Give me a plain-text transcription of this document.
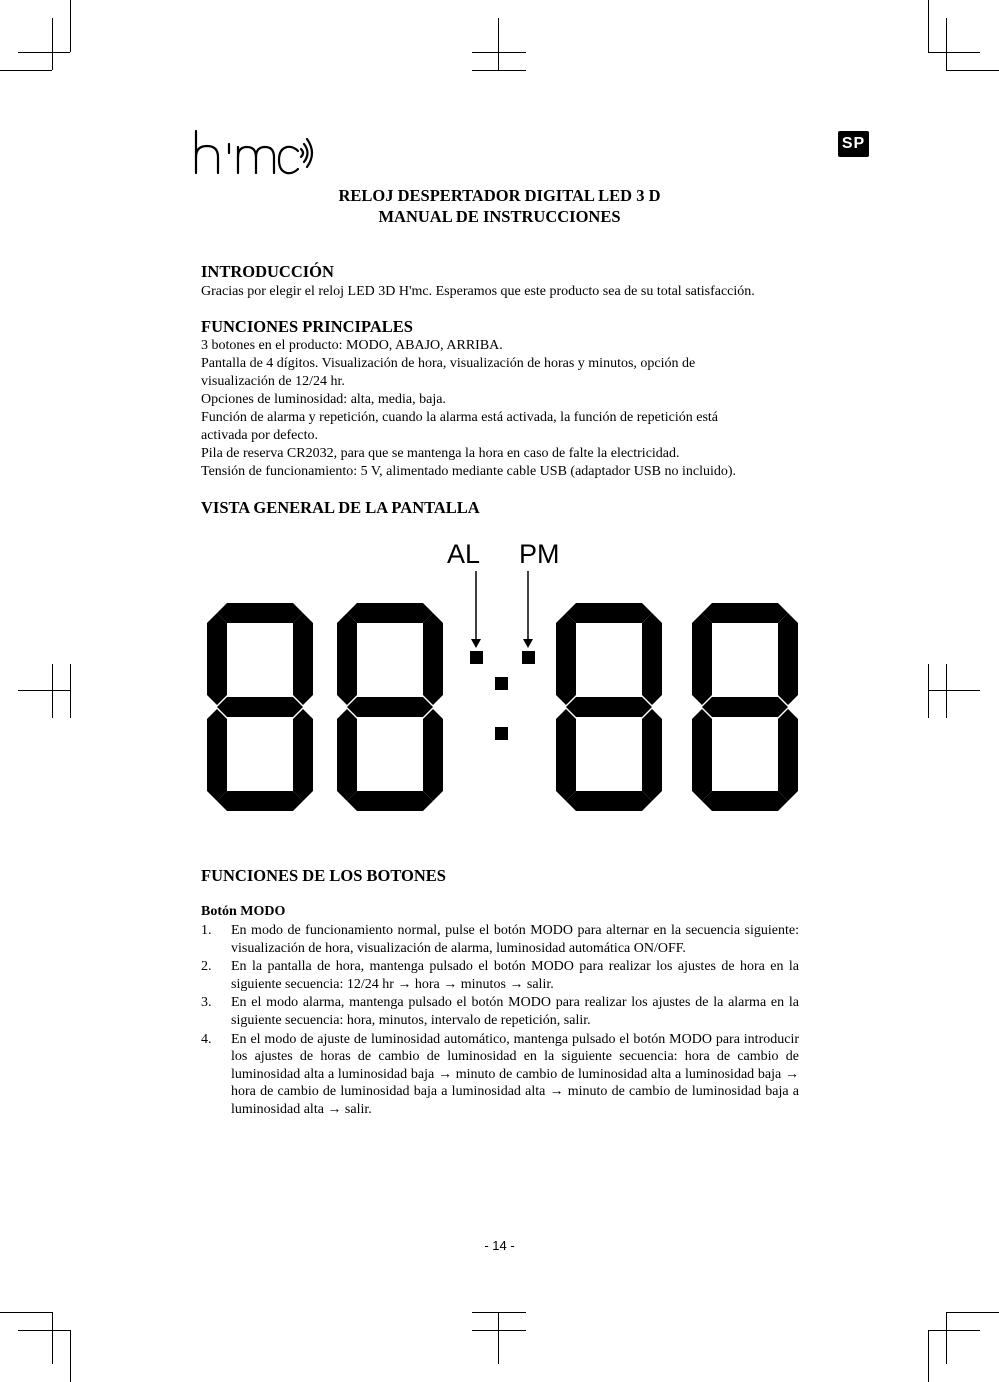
SP
RELOJ DESPERTADOR DIGITAL LED 3 D
MANUAL DE INSTRUCCIONES

INTRODUCCIÓN

Gracias por elegir el reloj LED 3D H'mc. Esperamos que este producto sea de su total satisfacción.

FUNCIONES PRINCIPALES

3 botones en el producto: MODO, ABAJO, ARRIBA.

Pantalla de 4 dígitos. Visualización de hora, visualización de horas y minutos, opción de

visualización de 12/24 hr.

Opciones de luminosidad: alta, media, baja.

Función de alarma y repetición, cuando la alarma está activada, la función de repetición está

activada por defecto.

Pila de reserva CR2032, para que se mantenga la hora en caso de falte la electricidad.

Tensión de funcionamiento: 5 V, alimentado mediante cable USB (adaptador USB no incluido).

VISTA GENERAL DE LA PANTALLA

AL PM

FUNCIONES DE LOS BOTONES

Botón MODO

1. En modo de funcionamiento normal, pulse el botón MODO para alternar en la secuencia siguiente: visualización de hora, visualización de alarma, luminosidad automática ON/OFF.
2. En la pantalla de hora, mantenga pulsado el botón MODO para realizar los ajustes de hora en la siguiente secuencia: 12/24 hr → hora → minutos → salir.
3. En el modo alarma, mantenga pulsado el botón MODO para realizar los ajustes de la alarma en la siguiente secuencia: hora, minutos, intervalo de repetición, salir.
4. En el modo de ajuste de luminosidad automático, mantenga pulsado el botón MODO para introducir los ajustes de horas de cambio de luminosidad en la siguiente secuencia: hora de cambio de luminosidad alta a luminosidad baja → minuto de cambio de luminosidad alta a luminosidad baja → hora de cambio de luminosidad baja a luminosidad alta → minuto de cambio de luminosidad baja a luminosidad alta → salir.
- 14 -
